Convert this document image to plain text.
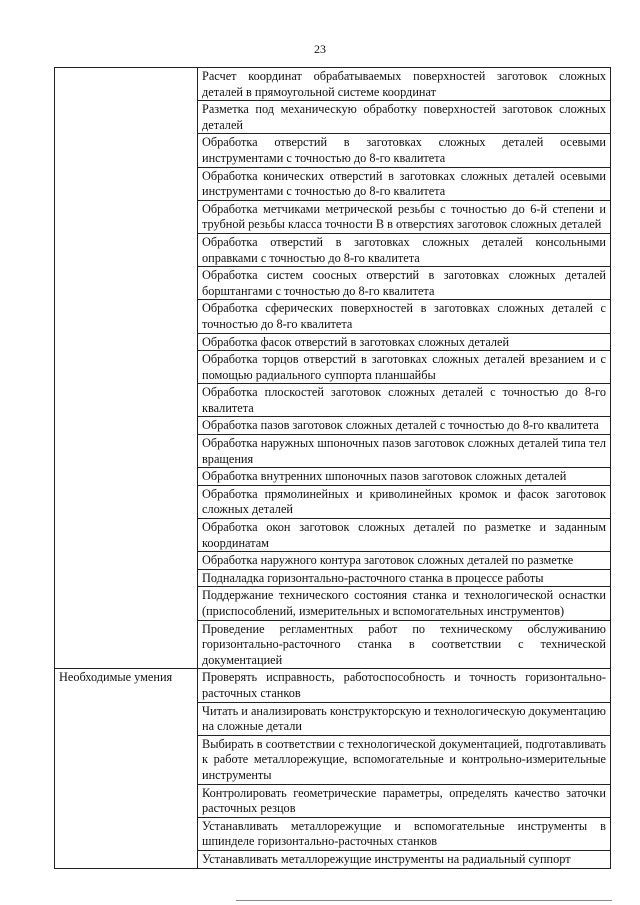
23
	Расчет координат обрабатываемых поверхностей заготовок сложных деталей в прямоугольной системе координат
	Разметка под механическую обработку поверхностей заготовок сложных деталей
	Обработка отверстий в заготовках сложных деталей осевыми инструментами с точностью до 8-го квалитета
	Обработка конических отверстий в заготовках сложных деталей осевыми инструментами с точностью до 8-го квалитета
	Обработка метчиками метрической резьбы с точностью до 6-й степени и трубной резьбы класса точности В в отверстиях заготовок сложных деталей
	Обработка отверстий в заготовках сложных деталей консольными оправками с точностью до 8-го квалитета
	Обработка систем соосных отверстий в заготовках сложных деталей борштангами с точностью до 8-го квалитета
	Обработка сферических поверхностей в заготовках сложных деталей с точностью до 8-го квалитета
	Обработка фасок отверстий в заготовках сложных деталей
	Обработка торцов отверстий в заготовках сложных деталей врезанием и с помощью радиального суппорта планшайбы
	Обработка плоскостей заготовок сложных деталей с точностью до 8-го квалитета
	Обработка пазов заготовок сложных деталей с точностью до 8-го квалитета
	Обработка наружных шпоночных пазов заготовок сложных деталей типа тел вращения
	Обработка внутренних шпоночных пазов заготовок сложных деталей
	Обработка прямолинейных и криволинейных кромок и фасок заготовок сложных деталей
	Обработка окон заготовок сложных деталей по разметке и заданным координатам
	Обработка наружного контура заготовок сложных деталей по разметке
	Подналадка горизонтально-расточного станка в процессе работы
	Поддержание технического состояния станка и технологической оснастки (приспособлений, измерительных и вспомогательных инструментов)
	Проведение регламентных работ по техническому обслуживанию горизонтально-расточного станка в соответствии с технической документацией
Необходимые умения	Проверять исправность, работоспособность и точность горизонтально-расточных станков
	Читать и анализировать конструкторскую и технологическую документацию на сложные детали
	Выбирать в соответствии с технологической документацией, подготавливать к работе металлорежущие, вспомогательные и контрольно-измерительные инструменты
	Контролировать геометрические параметры, определять качество заточки расточных резцов
	Устанавливать металлорежущие и вспомогательные инструменты в шпинделе горизонтально-расточных станков
	Устанавливать металлорежущие инструменты на радиальный суппорт
